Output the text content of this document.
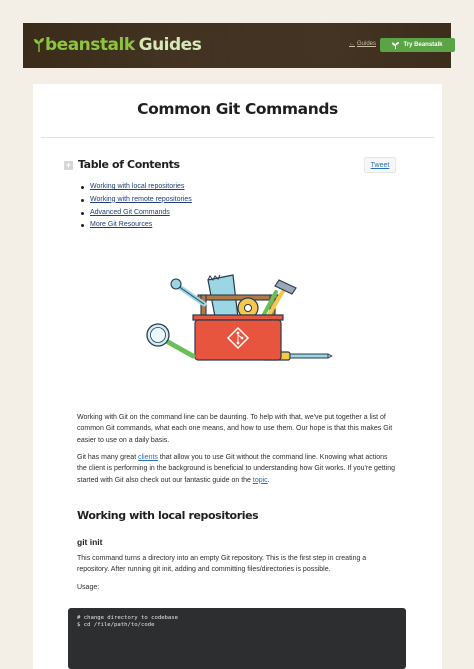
beanstalk Guides	← Guides	Try Beanstalk
Common Git Commands
+ Table of Contents	Tweet
Working with local repositories
Working with remote repositories
Advanced Git Commands
More Git Resources

Working with Git on the command line can be daunting. To help with that, we've put together a list of common Git commands, what each one means, and how to use them. Our hope is that this makes Git easier to use on a daily basis.

Git has many great clients that allow you to use Git without the command line. Knowing what actions the client is performing in the background is beneficial to understanding how Git works. If you're getting started with Git also check out our fantastic guide on the topic.

Working with local repositories
git init

This command turns a directory into an empty Git repository. This is the first step in creating a repository. After running git init, adding and committing files/directories is possible.

Usage:

# change directory to codebase
$ cd /file/path/to/code
